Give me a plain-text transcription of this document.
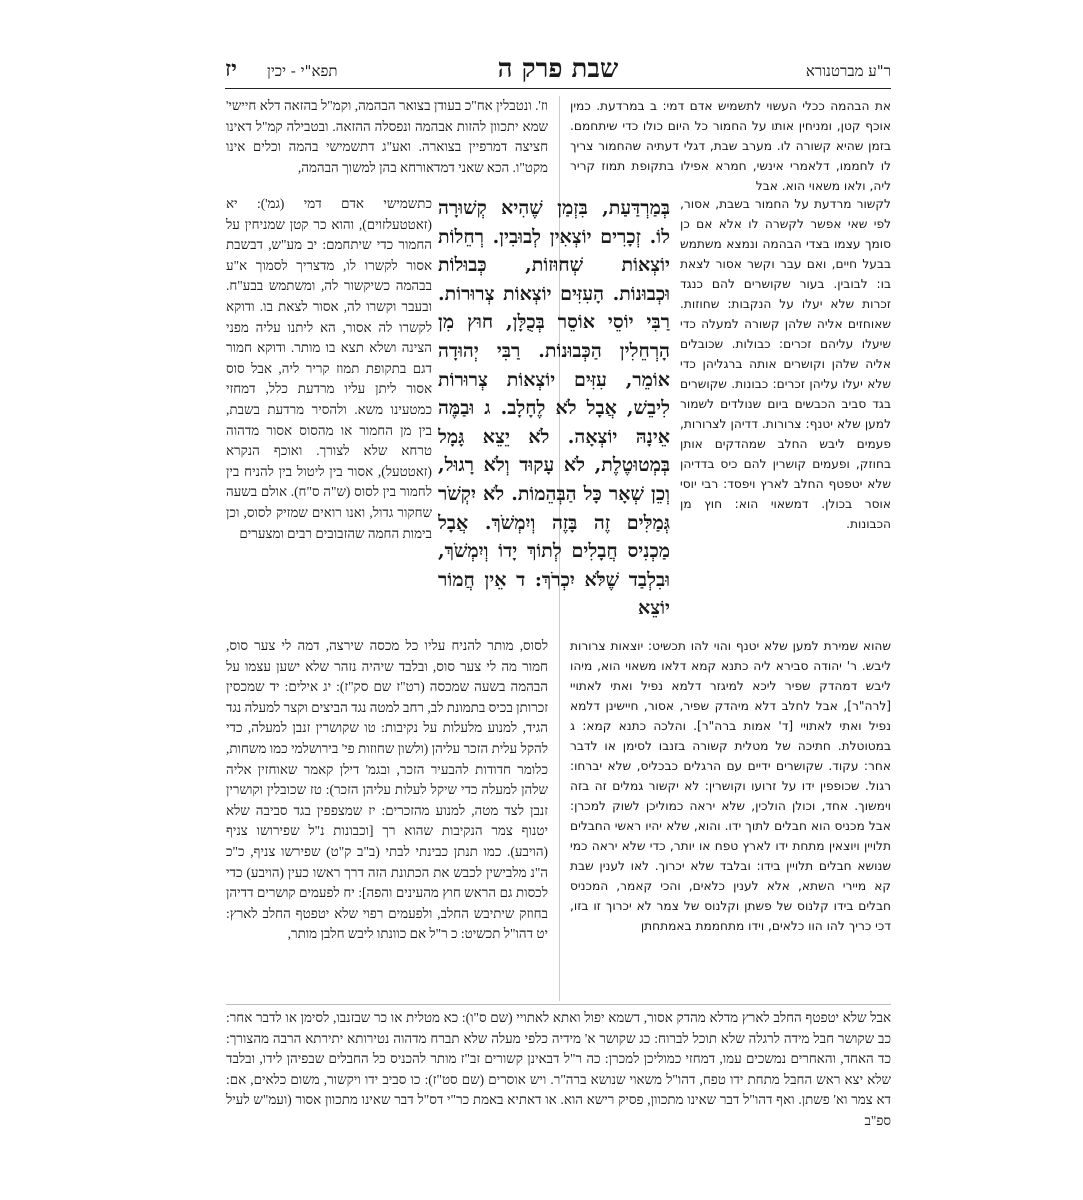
ר"ע מברטנורא
שבת פרק ה
תפא"י - יכין
יז

את הבהמה ככלי העשוי לתשמיש אדם דמי: ב במרדעת. כמין אוכף קטן, ומניחין אותו על החמור כל היום כולו כדי שיתחמם. בזמן שהיא קשורה לו. מערב שבת, דגלי דעתיה שהחמור צריך לו לחממו, דלאמרי אינשי, חמרא אפילו בתקופת תמוז קריר ליה, ולאו משאוי הוא. אבל

וז'. ונטבלין אח"כ בעודן בצואר הבהמה, וקמ"ל בהזאה דלא חיישי' שמא יתכוון להזות אבהמה ונפסלה ההזאה. ובטבילה קמ"ל דאינו חציצה דמרפיין בצוארה. ואע"ג דתשמישי בהמה וכלים אינו מקט"ו. הכא שאני דמדאורחא בהן למשוך הבהמה,

לקשור מרדעת על החמור בשבת, אסור, לפי שאי אפשר לקשרה לו אלא אם כן סומך עצמו בצדי הבהמה ונמצא משתמש בבעל חיים, ואם עבר וקשר אסור לצאת בו: לבובין. בעור שקושרים להם כנגד זכרות שלא יעלו על הנקבות: שחוזות. שאוחזים אליה שלהן קשורה למעלה כדי שיעלו עליהם זכרים: כבולות. שכובלים אליה שלהן וקושרים אותה ברגליהן כדי שלא יעלו עליהן זכרים: כבונות. שקושרים בגד סביב הכבשים ביום שנולדים לשמור למען שלא יטנף: צרורות. דדיהן לצרורות, פעמים ליבש החלב שמהדקים אותן בחוזק, ופעמים קושרין להם כיס בדדיהן שלא יטפטף החלב לארץ ויפסד: רבי יוסי אוסר בכולן. דמשאוי הוא: חוץ מן הכבונות.

בְּמַרְדַּעַת, בִּזְמַן שֶׁהִיא קְשׁוּרָה לוֹ. זְכָרִים יוֹצְאִין לְבוּבִין. רְחֵלוֹת יוֹצְאוֹת שְׁחוּזוֹת, כְּבוּלוֹת וּכְבוּנוֹת. הָעִזִּים יוֹצְאוֹת צְרוּרוֹת. רַבִּי יוֹסֵי אוֹסֵר בְּכֻלָּן, חוּץ מִן הָרְחֵלִין הַכְּבוּנוֹת. רַבִּי יְהוּדָה אוֹמֵר, עִזִּים יוֹצְאוֹת צְרוּרוֹת לִיבֵשׁ, אֲבָל לֹא לֶחָלָב. ג וּבַמֶּה אֵינָהּ יוֹצְאָה. לֹא יֵצֵא גָּמָל בְּמְטוּטֶלֶת, לֹא עָקוּד וְלֹא רָגוּל, וְכֵן שְׁאָר כָּל הַבְּהֵמוֹת. לֹא יִקְשֹׁר גְּמַלִּים זֶה בָּזֶה וְיִמְשֹׁךְ. אֲבָל מַכְנִיס חֲבָלִים לְתוֹךְ יָדוֹ וְיִמְשֹׁךְ, וּבִלְבַד שֶׁלֹּא יִכְרֹךְ: ד אֵין חֲמוֹר יוֹצֵא

כתשמישי אדם דמי (גמ'): יא (זאטטעלזוים), והוא כר קטן שמניחין על החמור כדי שיתחמם: יב מע"ש, דבשבת אסור לקשרו לו, מדצריך לסמוך א"ע בבהמה כשיקשור לה, ומשתמש בבע"ח. ובעבר וקשרו לה, אסור לצאת בו. ודוקא לקשרו לה אסור, הא ליתנו עליה מפני הצינה ושלא תצא בו מותר. ודוקא חמור דגם בתקופת תמוז קריר ליה, אבל סוס אסור ליתן עליו מרדעת כלל, דמחזי כמטעינו משא. ולהסיר מרדעת בשבת, בין מן החמור או מהסוס אסור מדהוה טרחא שלא לצורך. ואוכף הנקרא (זאטטעל), אסור בין ליטול בין להניח בין לחמור בין לסוס (ש"ה ס"ח). אולם בשעה שחקור גדול, ואנו רואים שמזיק לסוס, וכן בימות החמה שהזבובים רבים ומצערים

שהוא שמירת למען שלא יטנף והוי להו תכשיט: יוצאות צרורות ליבש. ר' יהודה סבירא ליה כתנא קמא דלאו משאוי הוא, מיהו ליבש דמהדק שפיר ליכא למיגזר דלמא נפיל ואתי לאתויי [לרה"ר], אבל לחלב דלא מיהדק שפיר, אסור, חיישינן דלמא נפיל ואתי לאתויי [ד' אמות ברה"ר]. והלכה כתנא קמא: ג במטוטלת. חתיכה של מטלית קשורה בזנבו לסימן או לדבר אחר: עקוד. שקושרים ידיים עם הרגלים כבכליס, שלא יברחו: רגול. שכופפין ידו על זרועו וקושרין: לא יקשור גמלים זה בזה וימשוך. אחד, וכולן הולכין, שלא יראה כמוליכן לשוק למכרן: אבל מכניס הוא חבלים לתוך ידו. והוא, שלא יהיו ראשי החבלים תלויין ויוצאין מתחת ידו לארץ טפח או יותר, כדי שלא יראה כמי שנושא חבלים תלויין בידו: ובלבד שלא יכרוך. לאו לענין שבת קא מיירי השתא, אלא לענין כלאים, והכי קאמר, המכניס חבלים בידו קלנוס של פשתן וקלנוס של צמר לא יכרוך זו בזו, דכי כריך להו הוו כלאים, וידו מתחממת באמתחתן

לסוס, מותר להניח עליו כל מכסה שירצה, דמה לי צער סוס, חמור מה לי צער סוס, ובלבד שיהיה נזהר שלא ישען עצמו על הבהמה בשעה שמכסה (רט"ז שם סק"ז): יג אילים: יד שמכסין זכרותן בכיס בתמונת לב, רחב למטה נגד הביצים וקצר למעלה נגד הגיד, למנוע מלעלות על נקיבות: טו שקושרין זנבן למעלה, כדי להקל עלית הזכר עליהן (ולשון שחוזות פי' בירושלמי כמו משחות, כלומר חדודות להבעיר הזכר, ובגמ' דילן קאמר שאוחזין אליה שלהן למעלה כדי שיקל לעלות עליהן הזכר): טז שכובלין וקושרין זנבן לצד מטה, למנוע מהזכרים: יז שמצפפין בגד סביבה שלא יטנוף צמר הנקיבות שהוא רך [וכבונות נ"ל שפירושו צניף (הויבע). כמו תנתן כבינתי לבתי (ב"ב ק"ט) שפירשו צניף, כ"כ ה"נ מלבישין לכבש את הכתונת הזה דרך ראשו כעין (הויבע) כדי לכסות גם הראש חוץ מהעינים והפה]: יח לפעמים קושרים דדיהן בחוזק שיתיבש החלב, ולפעמים רפוי שלא יטפטף החלב לארץ: יט דהו"ל תכשיט: כ ר"ל אם כוונתו ליבש חלבן מותר,

אבל שלא יטפטף החלב לארץ מדלא מהדק אסור, דשמא יפול ואתא לאתויי (שם ס"ו): כא מטלית או כר שבזנבו, לסימן או לדבר אחר: כב שקושר חבל מידה לרגלה שלא תוכל לברוח: כג שקושר א' מידיה כלפי מעלה שלא תברח מדהוה נטירותא יתירתא הרבה מהצורך: כד האחד, והאחרים נמשכים עמו, דמחזי כמוליכן למכרן: כה ר"ל דבאינן קשורים זב"ז מותר להכניס כל החבלים שבפיהן לידו, ובלבד שלא יצא ראש החבל מתחת ידו טפח, דהו"ל משאוי שנושא ברה"ר. ויש אוסרים (שם סט"ז): כו סביב ידו ויקשור, משום כלאים, אם: דא צמר וא' פשתן. ואף דהו"ל דבר שאינו מתכוון, פסיק רישא הוא. או דאתיא באמת כר"י דס"ל דבר שאינו מתכוון אסור (ועמ"ש לעיל ספ"ב
